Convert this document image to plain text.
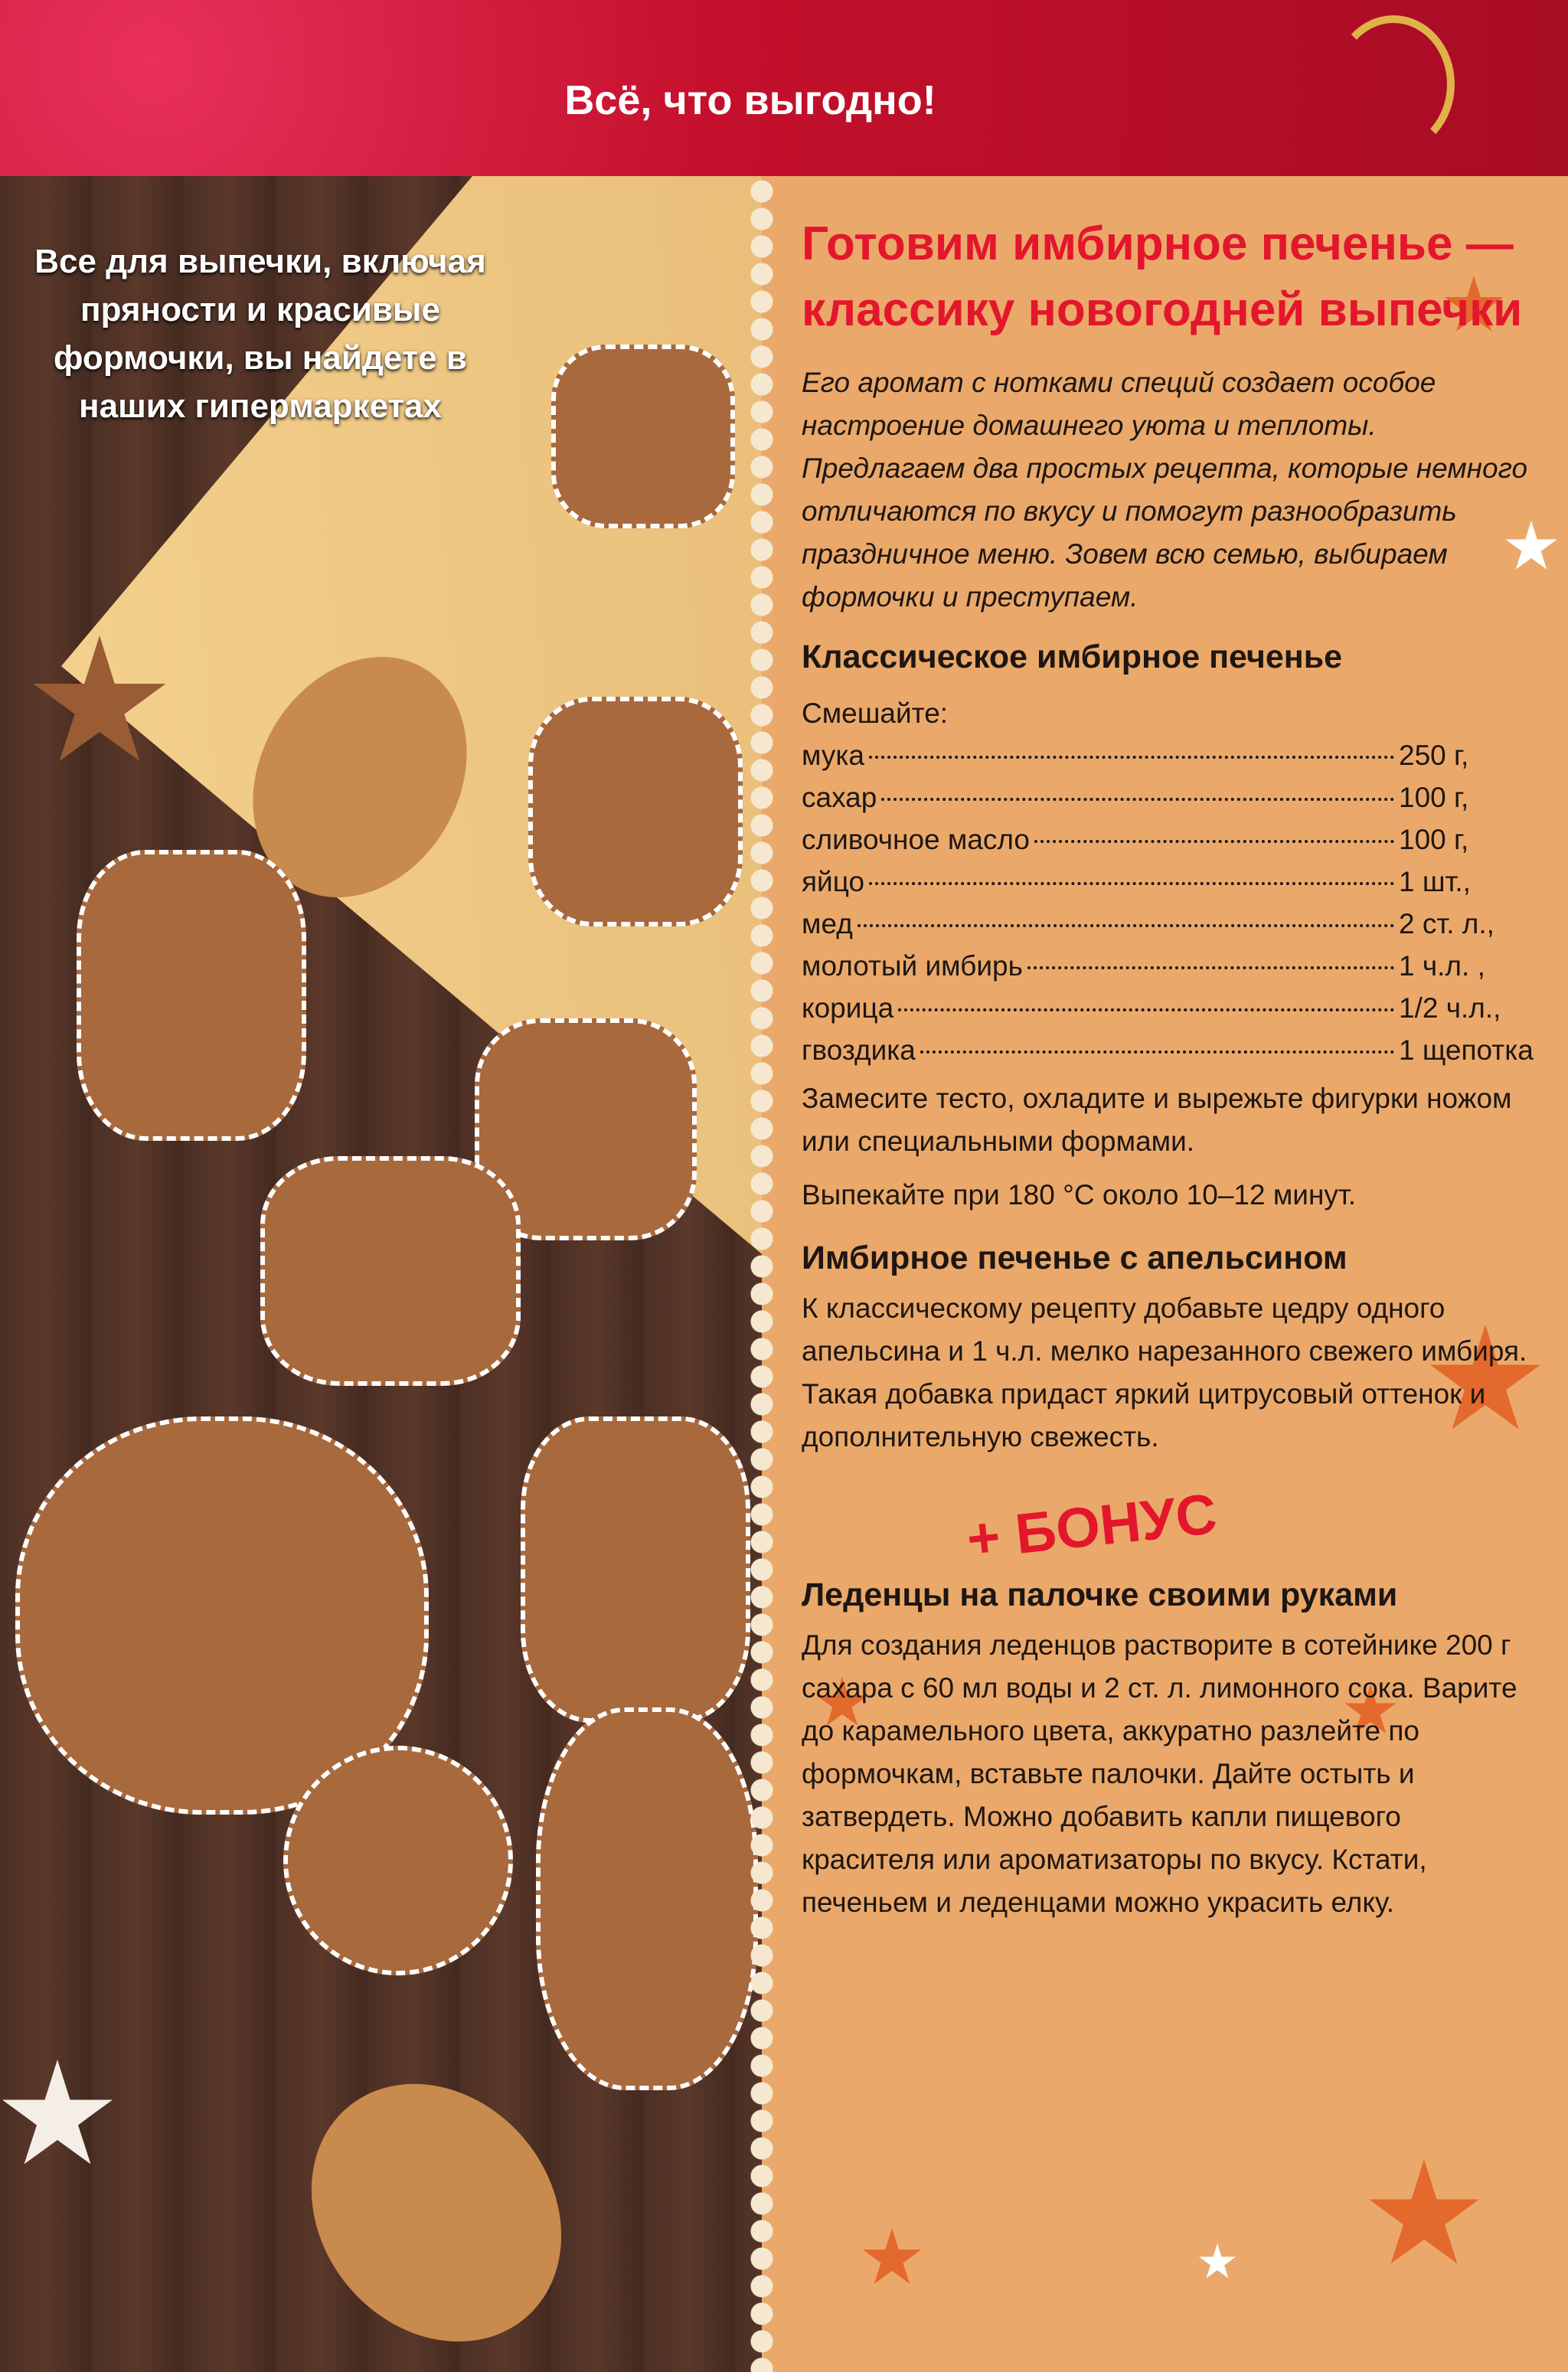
Всё, что выгодно!
Все для выпечки, включая пряности и красивые формочки, вы найдете в наших гипермаркетах
Готовим имбирное печенье — классику новогодней выпечки
Его аромат с нотками специй создает особое настроение домашнего уюта и теплоты. Предлагаем два простых рецепта, которые немного отличаются по вкусу и помогут разнообразить праздничное меню. Зовем всю семью, выбираем формочки и преступаем.
Классическое имбирное печенье
Смешайте:
мука	250 г,
сахар	100 г,
сливочное масло	100 г,
яйцо	1 шт.,
мед	2 ст. л.,
молотый имбирь	1 ч.л. ,
корица	1/2 ч.л.,
гвоздика	1 щепотка
Замесите тесто, охладите и вырежьте фигурки ножом или специальными формами.
Выпекайте при 180 °С около 10–12 минут.
Имбирное печенье с апельсином
К классическому рецепту добавьте цедру одного апельсина и 1 ч.л. мелко нарезанного свежего имбиря. Такая добавка придаст яркий цитрусовый оттенок и дополнительную свежесть.
+ БОНУС
Леденцы на палочке своими руками
Для создания леденцов растворите в сотейнике 200 г сахара с 60 мл воды и 2 ст. л. лимонного сока. Варите до карамельного цвета, аккуратно разлейте по формочкам, вставьте палочки. Дайте остыть и затвердеть. Можно добавить капли пищевого красителя или ароматизаторы по вкусу. Кстати, печеньем и леденцами можно украсить елку.
